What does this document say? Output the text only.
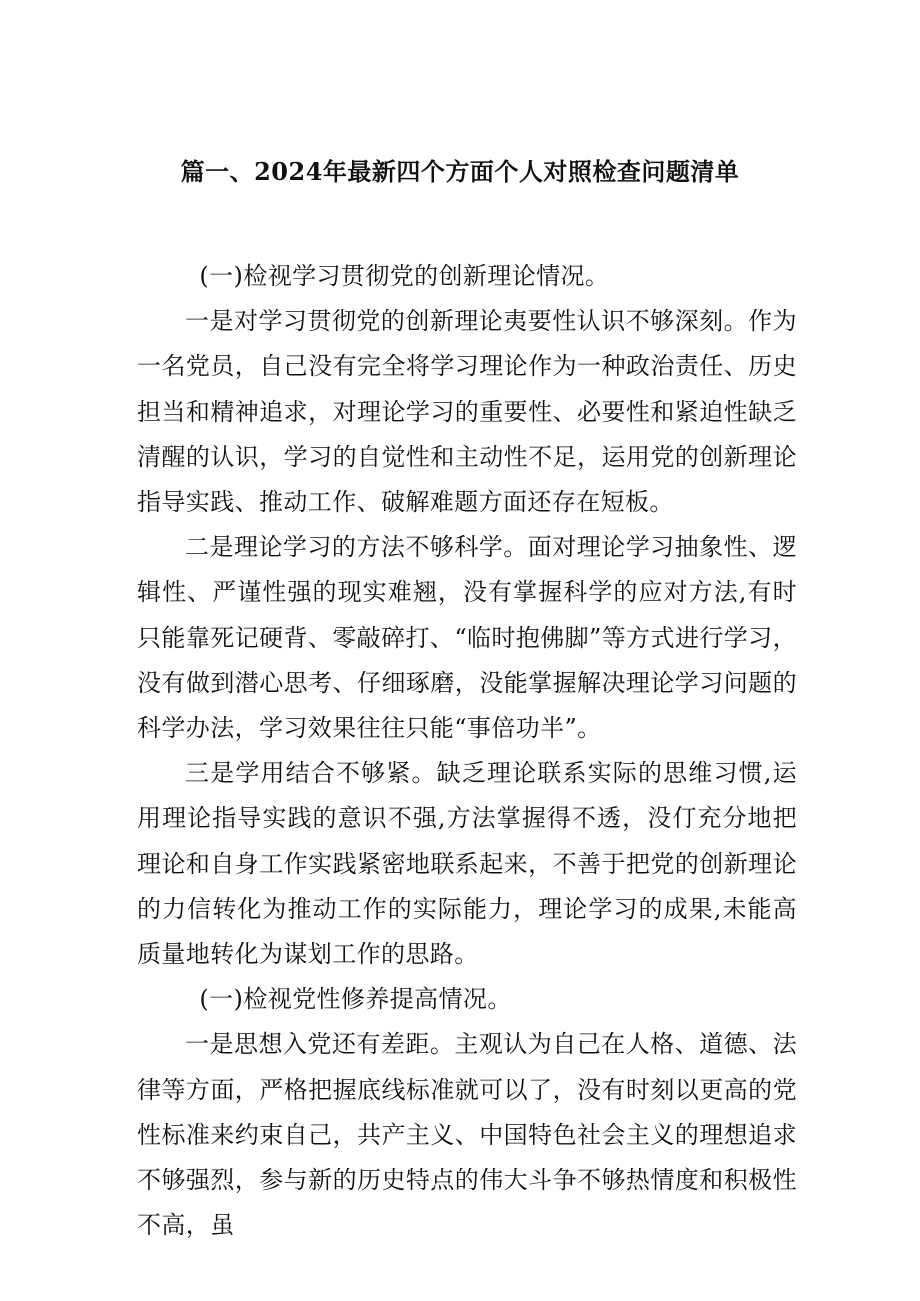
篇一、2024年最新四个方面个人对照检查问题清单

(一)检视学习贯彻党的创新理论情况。

一是对学习贯彻党的创新理论夷要性认识不够深刻。作为一名党员，自己没有完全将学习理论作为一种政治责任、历史担当和精神追求，对理论学习的重要性、必要性和紧迫性缺乏清醒的认识，学习的自觉性和主动性不足，运用党的创新理论指导实践、推动工作、破解难题方面还存在短板。

二是理论学习的方法不够科学。面对理论学习抽象性、逻辑性、严谨性强的现实难翘，没有掌握科学的应对方法,有时只能靠死记硬背、零敲碎打、“临时抱佛脚”等方式进行学习，没有做到潜心思考、仔细琢磨，没能掌握解决理论学习问题的科学办法，学习效果往往只能“事倍功半”。

三是学用结合不够紧。缺乏理论联系实际的思维习惯,运用理论指导实践的意识不强,方法掌握得不透，没仃充分地把理论和自身工作实践紧密地联系起来，不善于把党的创新理论的力信转化为推动工作的实际能力，理论学习的成果,未能高质量地转化为谋划工作的思路。

(一)检视党性修养提高情况。

一是思想入党还有差距。主观认为自己在人格、道德、法律等方面，严格把握底线标准就可以了，没有时刻以更高的党性标准来约束自己，共产主义、中国特色社会主义的理想追求不够强烈，参与新的历史特点的伟大斗争不够热情度和积极性不高，虽
